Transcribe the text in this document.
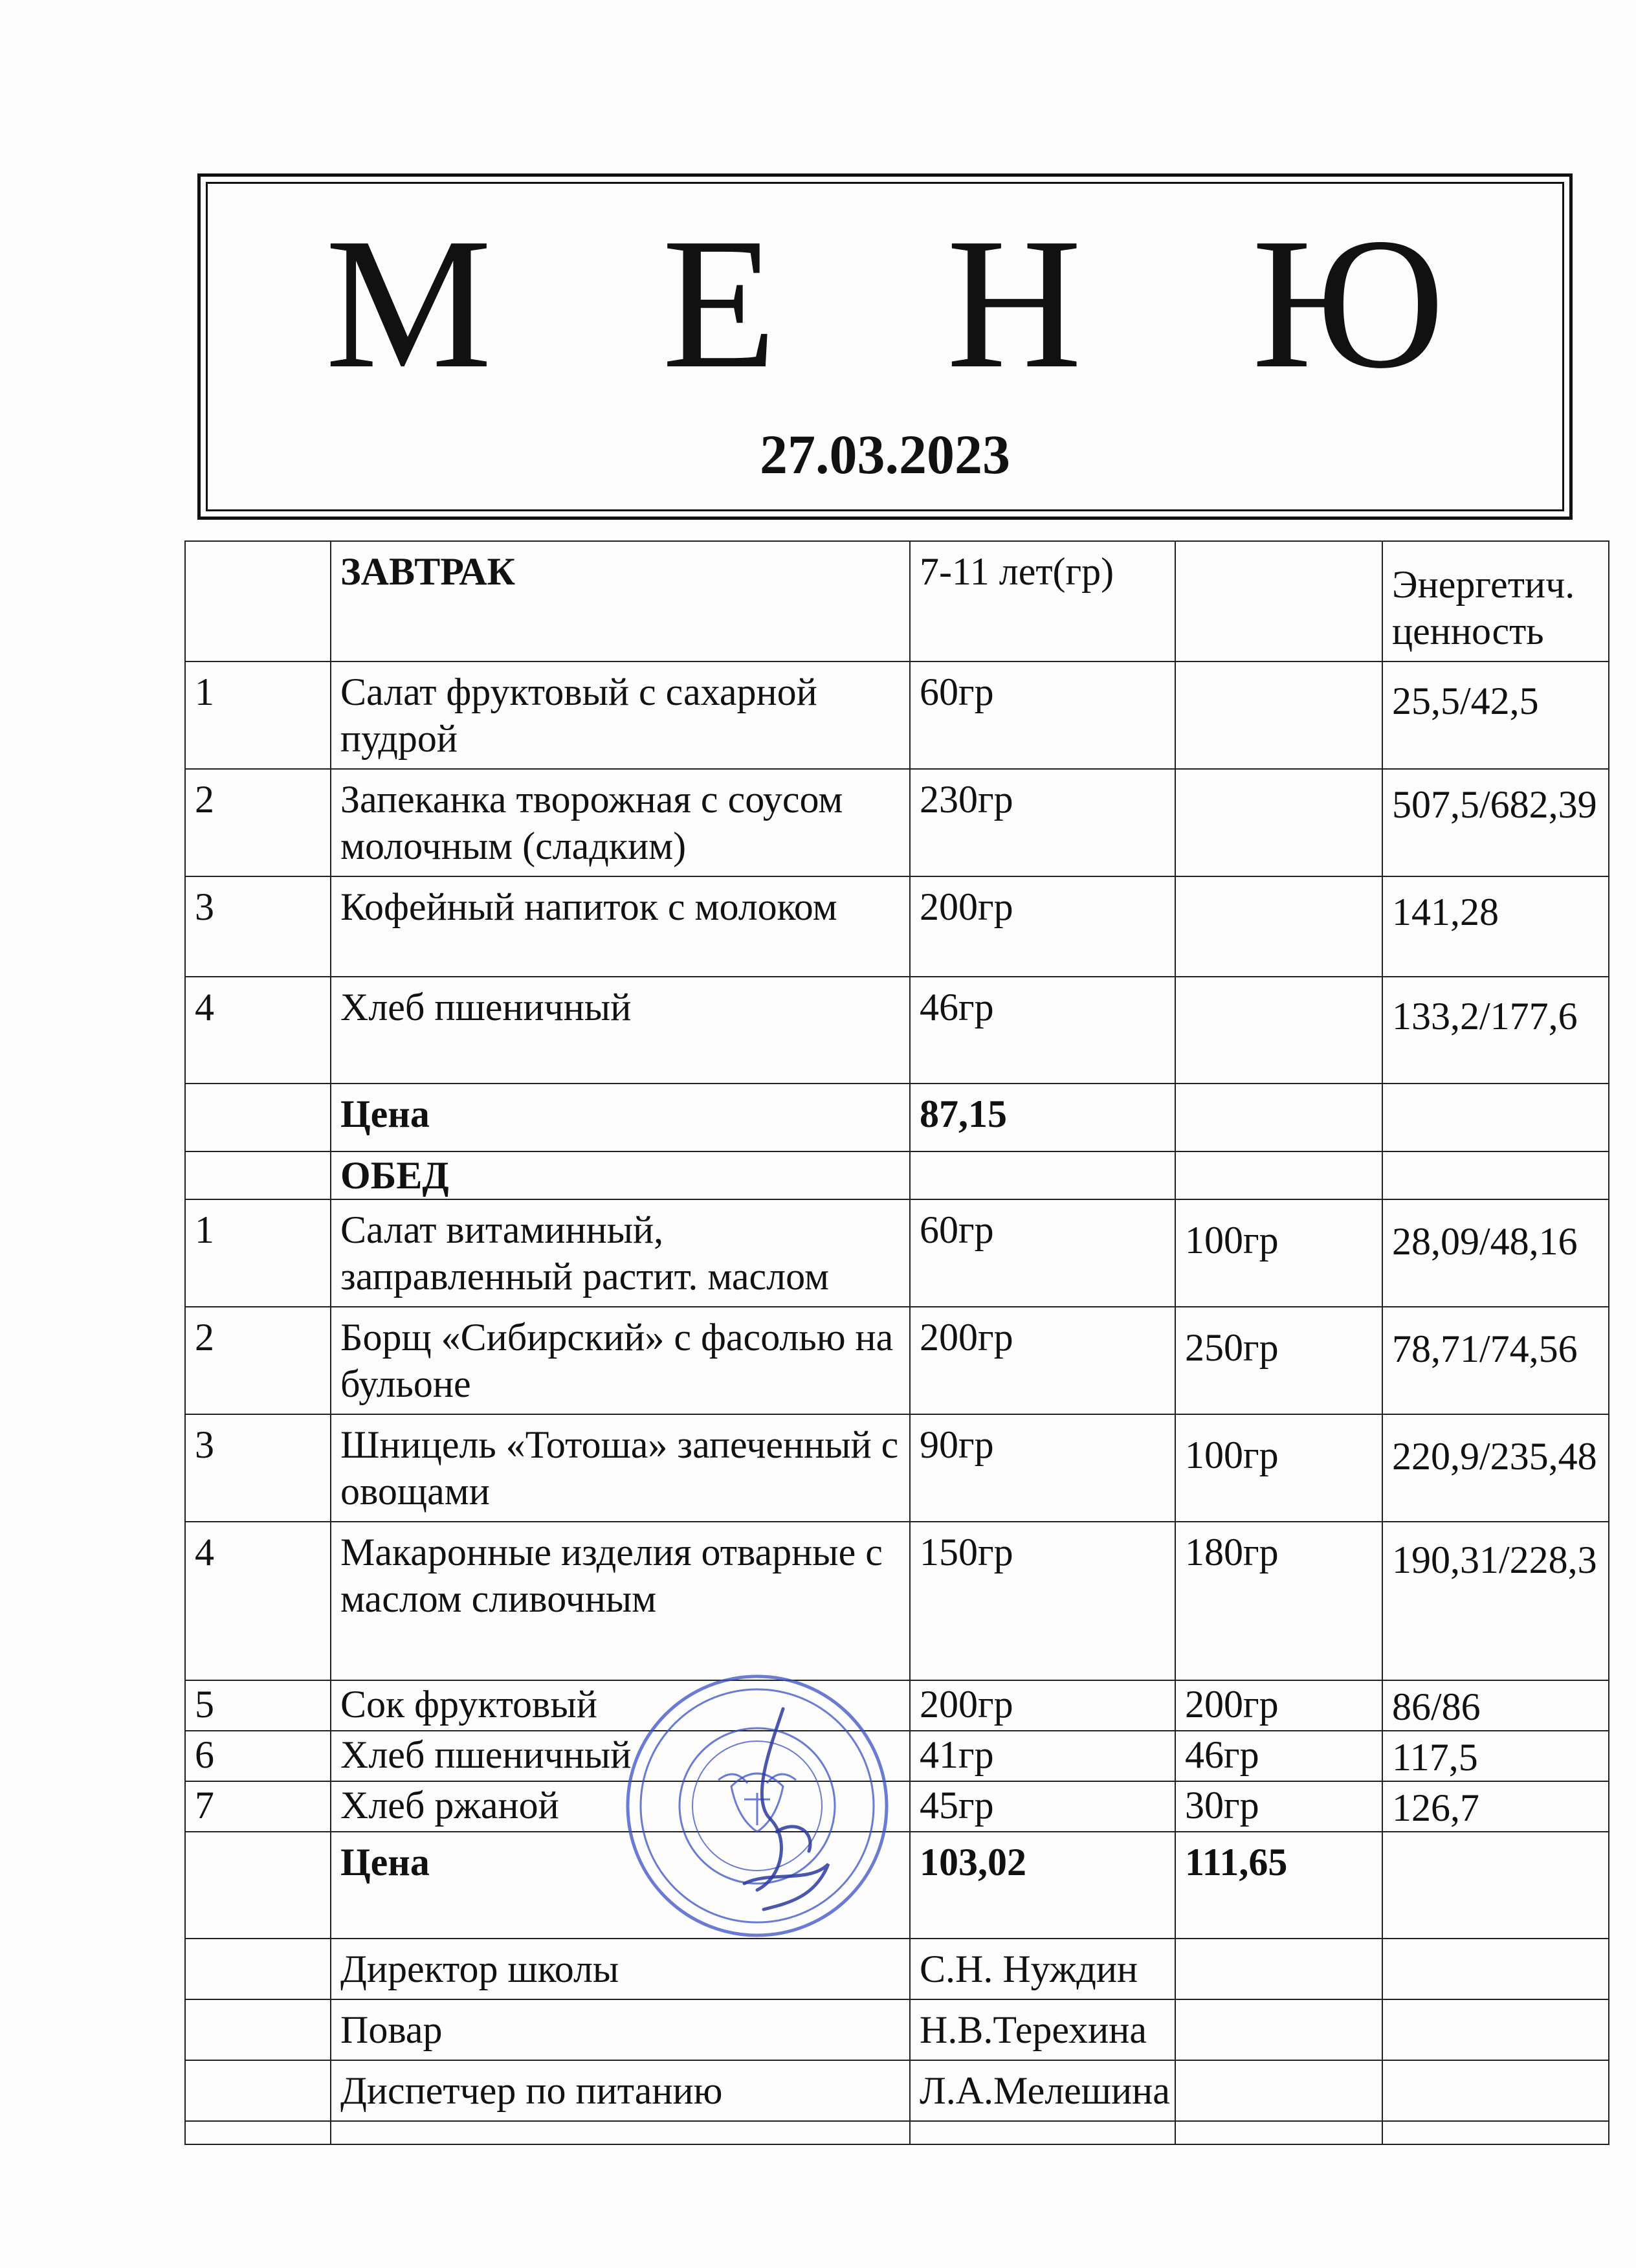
М Е Н Ю
27.03.2023
	ЗАВТРАК	7-11 лет(гр)		Энергетич. ценность
1	Салат фруктовый с сахарной пудрой	60гр		25,5/42,5
2	Запеканка творожная с соусом молочным (сладким)	230гр		507,5/682,39
3	Кофейный напиток с молоком	200гр		141,28
4	Хлеб пшеничный	46гр		133,2/177,6
	Цена	87,15		
	ОБЕД			
1	Салат витаминный, заправленный растит. маслом	60гр	100гр	28,09/48,16
2	Борщ «Сибирский» с фасолью на бульоне	200гр	250гр	78,71/74,56
3	Шницель «Тотоша» запеченный с овощами	90гр	100гр	220,9/235,48
4	Макаронные изделия отварные с маслом сливочным	150гр	180гр	190,31/228,3
5	Сок фруктовый	200гр	200гр	86/86
6	Хлеб пшеничный	41гр	46гр	117,5
7	Хлеб ржаной	45гр	30гр	126,7
	Цена	103,02	111,65	
	Директор школы	С.Н. Нуждин		
	Повар	Н.В.Терехина		
	Диспетчер по питанию	Л.А.Мелешина		
